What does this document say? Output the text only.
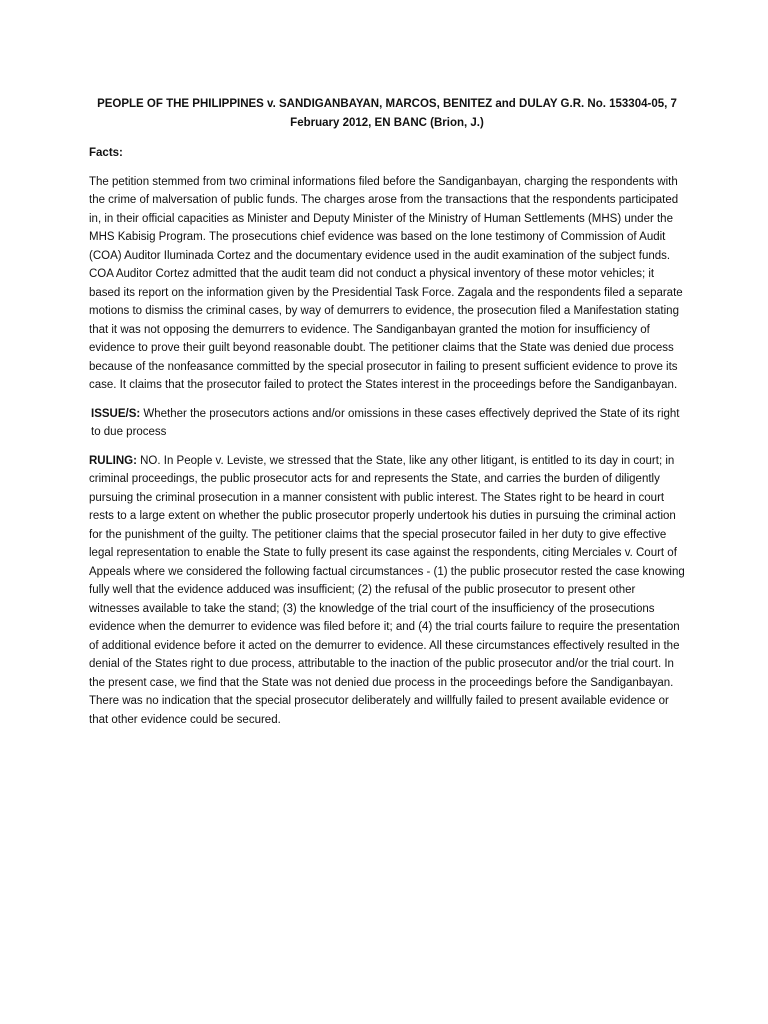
PEOPLE OF THE PHILIPPINES v. SANDIGANBAYAN, MARCOS, BENITEZ and DULAY G.R. No. 153304-05, 7 February 2012, EN BANC (Brion, J.)
Facts:
The petition stemmed from two criminal informations filed before the Sandiganbayan, charging the respondents with the crime of malversation of public funds. The charges arose from the transactions that the respondents participated in, in their official capacities as Minister and Deputy Minister of the Ministry of Human Settlements (MHS) under the MHS Kabisig Program. The prosecutions chief evidence was based on the lone testimony of Commission of Audit (COA) Auditor Iluminada Cortez and the documentary evidence used in the audit examination of the subject funds. COA Auditor Cortez admitted that the audit team did not conduct a physical inventory of these motor vehicles; it based its report on the information given by the Presidential Task Force. Zagala and the respondents filed a separate motions to dismiss the criminal cases, by way of demurrers to evidence, the prosecution filed a Manifestation stating that it was not opposing the demurrers to evidence. The Sandiganbayan granted the motion for insufficiency of evidence to prove their guilt beyond reasonable doubt. The petitioner claims that the State was denied due process because of the nonfeasance committed by the special prosecutor in failing to present sufficient evidence to prove its case. It claims that the prosecutor failed to protect the States interest in the proceedings before the Sandiganbayan.
ISSUE/S: Whether the prosecutors actions and/or omissions in these cases effectively deprived the State of its right to due process
RULING: NO. In People v. Leviste, we stressed that the State, like any other litigant, is entitled to its day in court; in criminal proceedings, the public prosecutor acts for and represents the State, and carries the burden of diligently pursuing the criminal prosecution in a manner consistent with public interest. The States right to be heard in court rests to a large extent on whether the public prosecutor properly undertook his duties in pursuing the criminal action for the punishment of the guilty. The petitioner claims that the special prosecutor failed in her duty to give effective legal representation to enable the State to fully present its case against the respondents, citing Merciales v. Court of Appeals where we considered the following factual circumstances - (1) the public prosecutor rested the case knowing fully well that the evidence adduced was insufficient; (2) the refusal of the public prosecutor to present other witnesses available to take the stand; (3) the knowledge of the trial court of the insufficiency of the prosecutions evidence when the demurrer to evidence was filed before it; and (4) the trial courts failure to require the presentation of additional evidence before it acted on the demurrer to evidence. All these circumstances effectively resulted in the denial of the States right to due process, attributable to the inaction of the public prosecutor and/or the trial court. In the present case, we find that the State was not denied due process in the proceedings before the Sandiganbayan. There was no indication that the special prosecutor deliberately and willfully failed to present available evidence or that other evidence could be secured.
